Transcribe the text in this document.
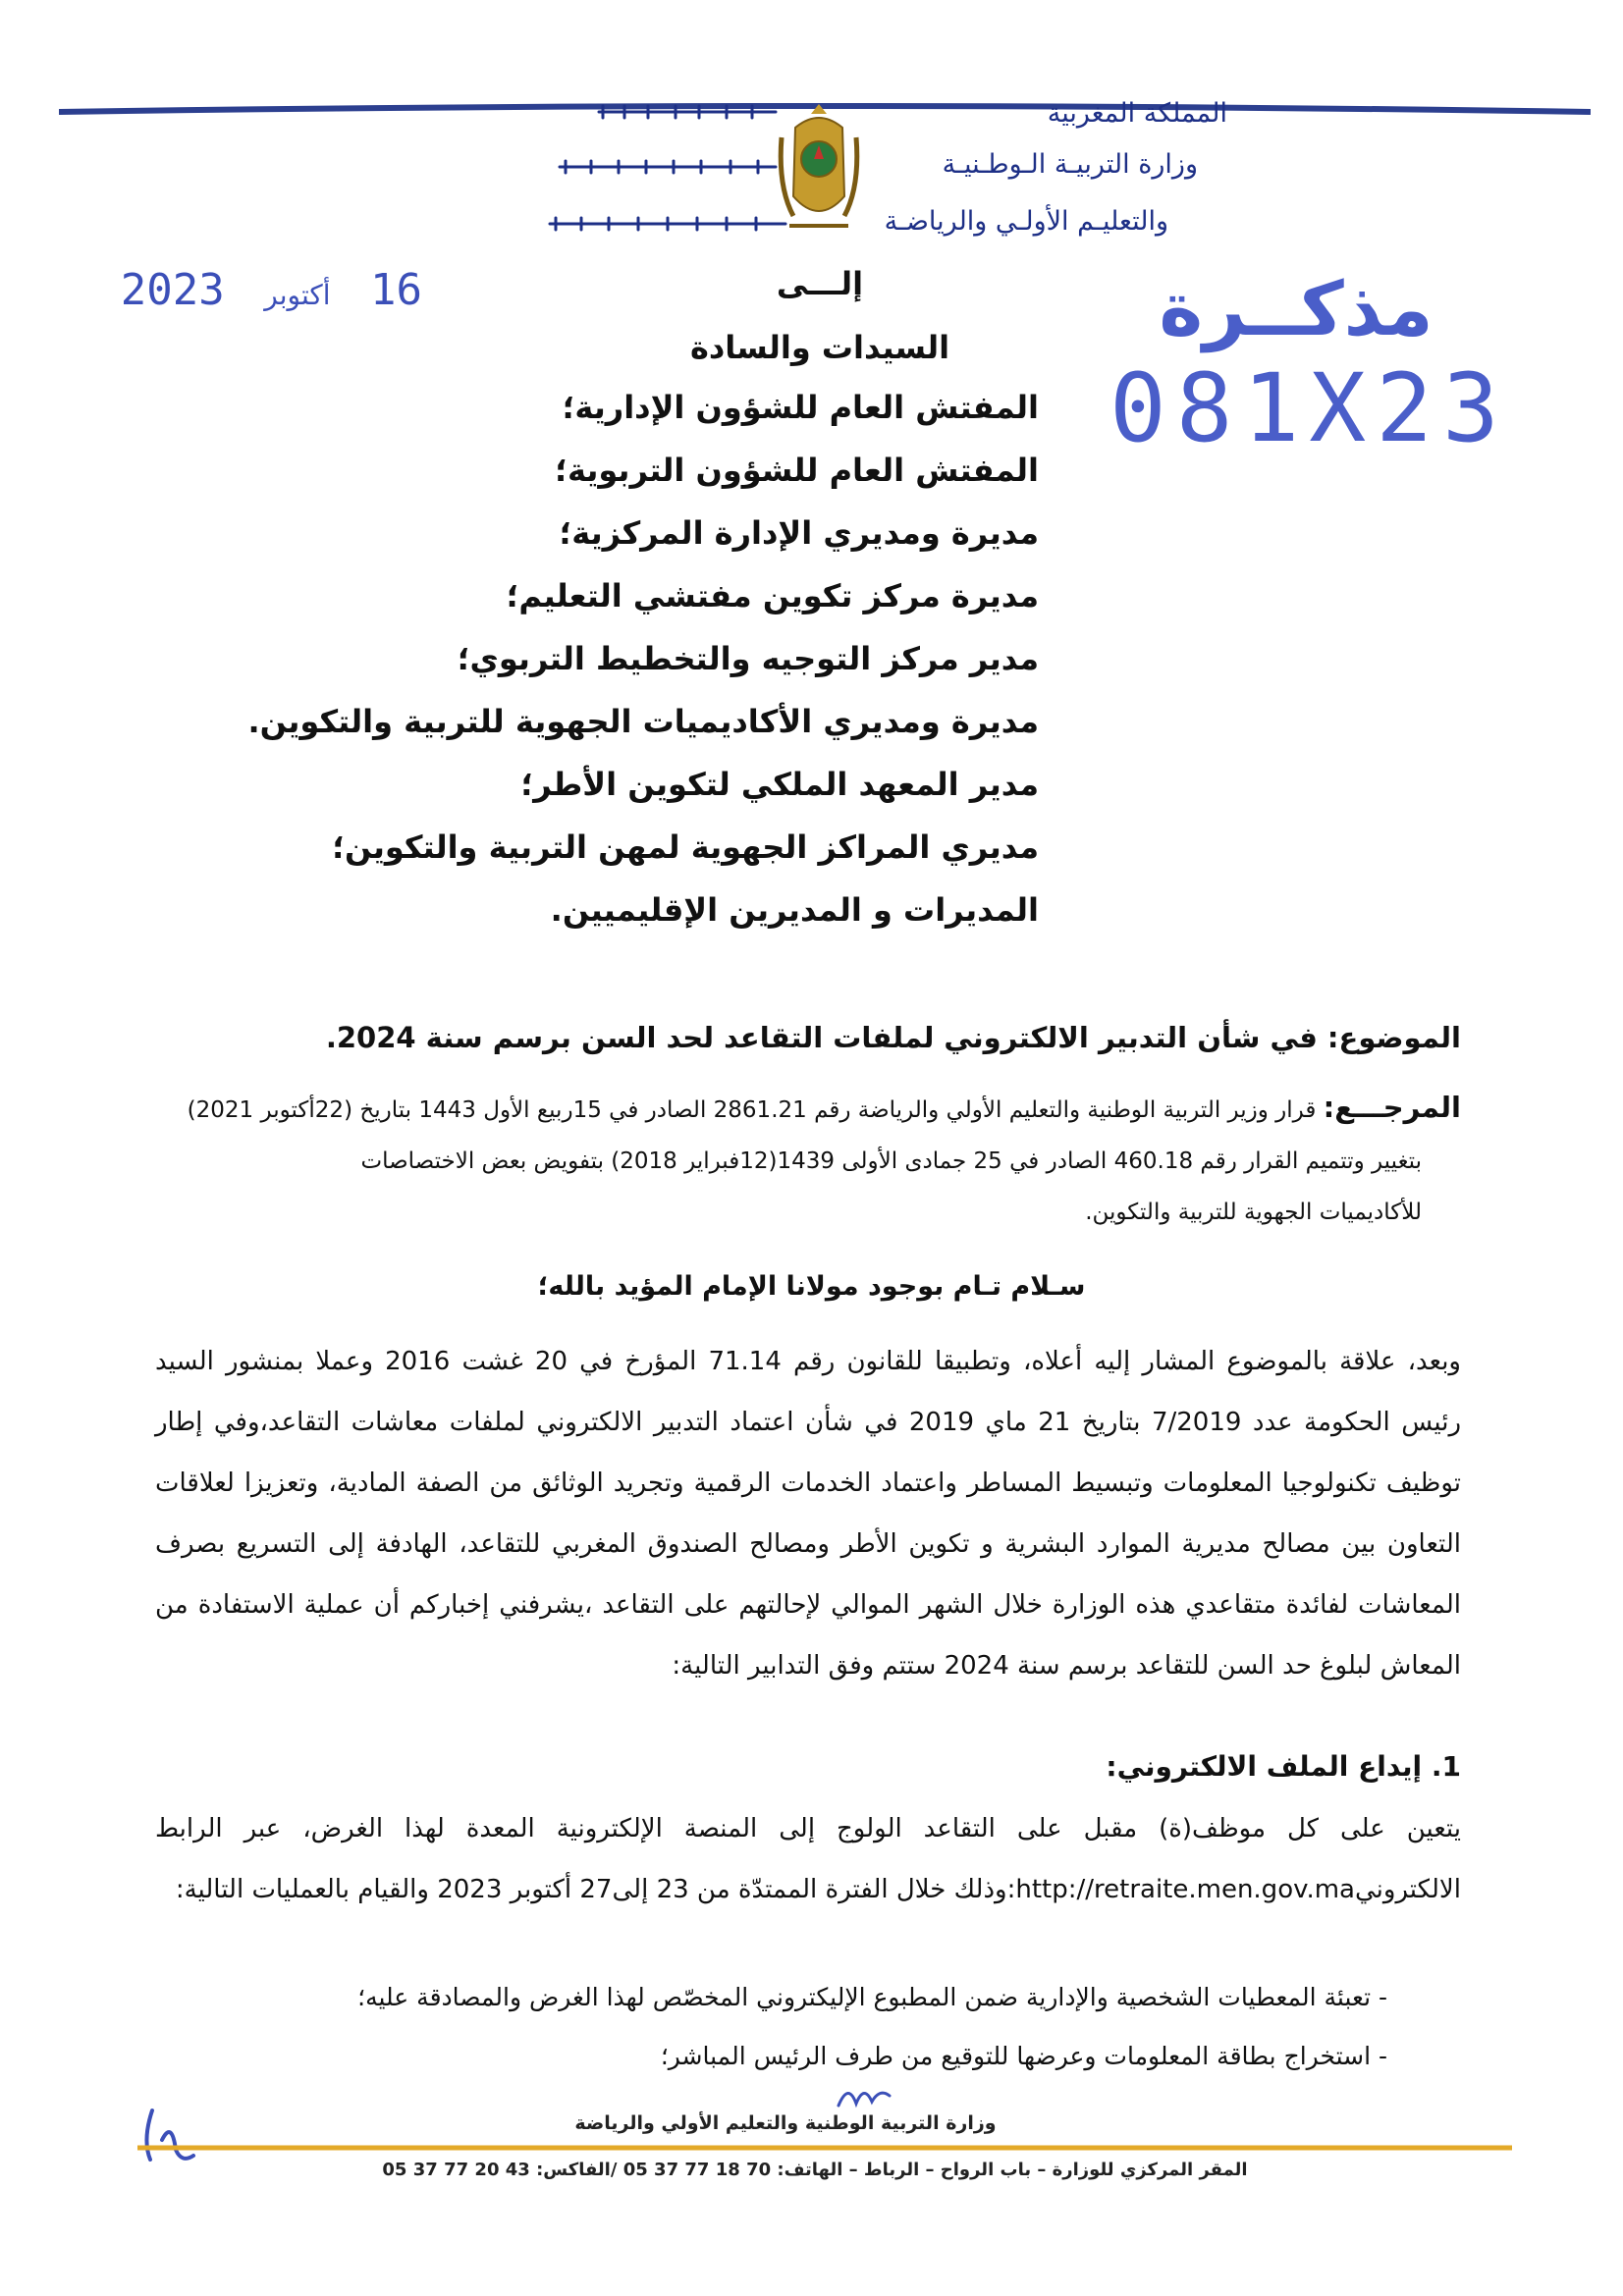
المملكة المغربية
وزارة التربيـة الـوطـنيـة
والتعليـم الأولـي والرياضـة
16 أكتوبر 2023	مذكــرة
081X23
إلـــى
السيدات والسادة
المفتش العام للشؤون الإدارية؛
المفتش العام للشؤون التربوية؛
مديرة ومديري الإدارة المركزية؛
مديرة مركز تكوين مفتشي التعليم؛
مدير مركز التوجيه والتخطيط التربوي؛
مديرة ومديري الأكاديميات الجهوية للتربية والتكوين.
مدير المعهد الملكي لتكوين الأطر؛
مديري المراكز الجهوية لمهن التربية والتكوين؛
المديرات و المديرين الإقليميين.
الموضوع: في شأن التدبير الالكتروني لملفات التقاعد لحد السن برسم سنة 2024.
المرجـــع: قرار وزير التربية الوطنية والتعليم الأولي والرياضة رقم 2861.21 الصادر في 15ربيع الأول 1443 بتاريخ (22أكتوبر 2021)
بتغيير وتتميم القرار رقم 460.18 الصادر في 25 جمادى الأولى 1439(12فبراير 2018) بتفويض بعض الاختصاصات
للأكاديميات الجهوية للتربية والتكوين.
سـلام تـام بوجود مولانا الإمام المؤيد بالله؛
وبعد، علاقة بالموضوع المشار إليه أعلاه، وتطبيقا للقانون رقم 71.14 المؤرخ في 20 غشت 2016 وعملا بمنشور السيد رئيس الحكومة عدد 7/2019 بتاريخ 21 ماي 2019 في شأن اعتماد التدبير الالكتروني لملفات معاشات التقاعد،وفي إطار توظيف تكنولوجيا المعلومات وتبسيط المساطر واعتماد الخدمات الرقمية وتجريد الوثائق من الصفة المادية، وتعزيزا لعلاقات التعاون بين مصالح مديرية الموارد البشرية و تكوين الأطر ومصالح الصندوق المغربي للتقاعد، الهادفة إلى التسريع بصرف المعاشات لفائدة متقاعدي هذه الوزارة خلال الشهر الموالي لإحالتهم على التقاعد ،يشرفني إخباركم أن عملية الاستفادة من المعاش لبلوغ حد السن للتقاعد برسم سنة 2024 ستتم وفق التدابير التالية:
1. إيداع الملف الالكتروني:
يتعين على كل موظف(ة) مقبل على التقاعد الولوج إلى المنصة الإلكترونية المعدة لهذا الغرض، عبر الرابط الالكترونيhttp://retraite.men.gov.ma:وذلك خلال الفترة الممتدّة من 23 إلى27 أكتوبر 2023 والقيام بالعمليات التالية:
- تعبئة المعطيات الشخصية والإدارية ضمن المطبوع الإليكتروني المخصّص لهذا الغرض والمصادقة عليه؛
- استخراج بطاقة المعلومات وعرضها للتوقيع من طرف الرئيس المباشر؛
وزارة التربية الوطنية والتعليم الأولي والرياضة
المقر المركزي للوزارة – باب الرواح – الرباط – الهاتف: 70 18 77 37 05 /الفاكس: 43 20 77 37 05
